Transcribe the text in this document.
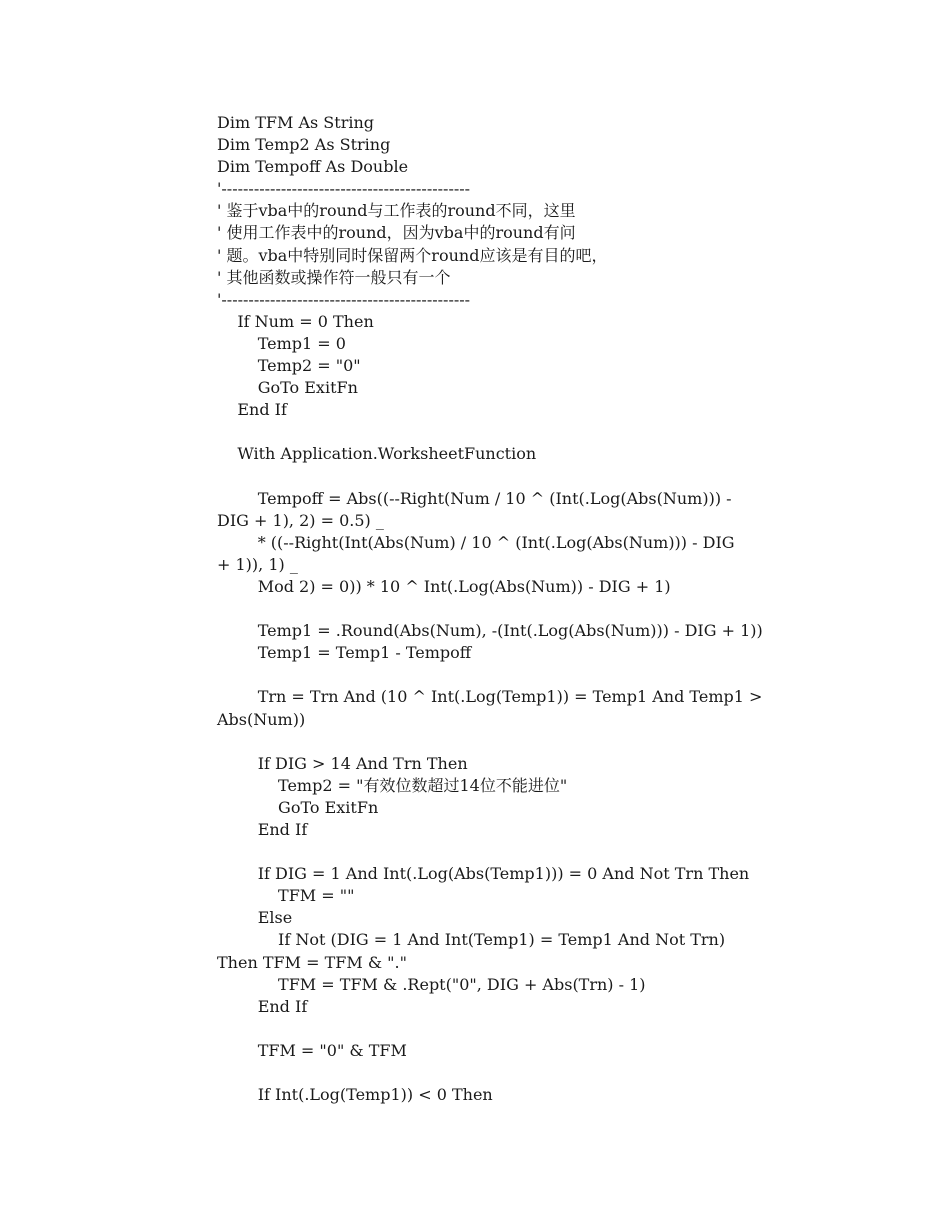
Dim TFM As String
Dim Temp2 As String
Dim Tempoff As Double
'----------------------------------------------
' 鉴于vba中的round与工作表的round不同，这里
' 使用工作表中的round，因为vba中的round有问
' 题。vba中特别同时保留两个round应该是有目的吧，
' 其他函数或操作符一般只有一个
'----------------------------------------------
If Num = 0 Then
Temp1 = 0
Temp2 = "0"
GoTo ExitFn
End If
With Application.WorksheetFunction
Tempoff = Abs((--Right(Num / 10 ^ (Int(.Log(Abs(Num))) -
DIG + 1), 2) = 0.5) _
* ((--Right(Int(Abs(Num) / 10 ^ (Int(.Log(Abs(Num))) - DIG
+ 1)), 1) _
Mod 2) = 0)) * 10 ^ Int(.Log(Abs(Num)) - DIG + 1)
Temp1 = .Round(Abs(Num), -(Int(.Log(Abs(Num))) - DIG + 1))
Temp1 = Temp1 - Tempoff
Trn = Trn And (10 ^ Int(.Log(Temp1)) = Temp1 And Temp1 >
Abs(Num))
If DIG > 14 And Trn Then
Temp2 = "有效位数超过14位不能进位"
GoTo ExitFn
End If
If DIG = 1 And Int(.Log(Abs(Temp1))) = 0 And Not Trn Then
TFM = ""
Else
If Not (DIG = 1 And Int(Temp1) = Temp1 And Not Trn)
Then TFM = TFM & "."
TFM = TFM & .Rept("0", DIG + Abs(Trn) - 1)
End If
TFM = "0" & TFM
If Int(.Log(Temp1)) < 0 Then
